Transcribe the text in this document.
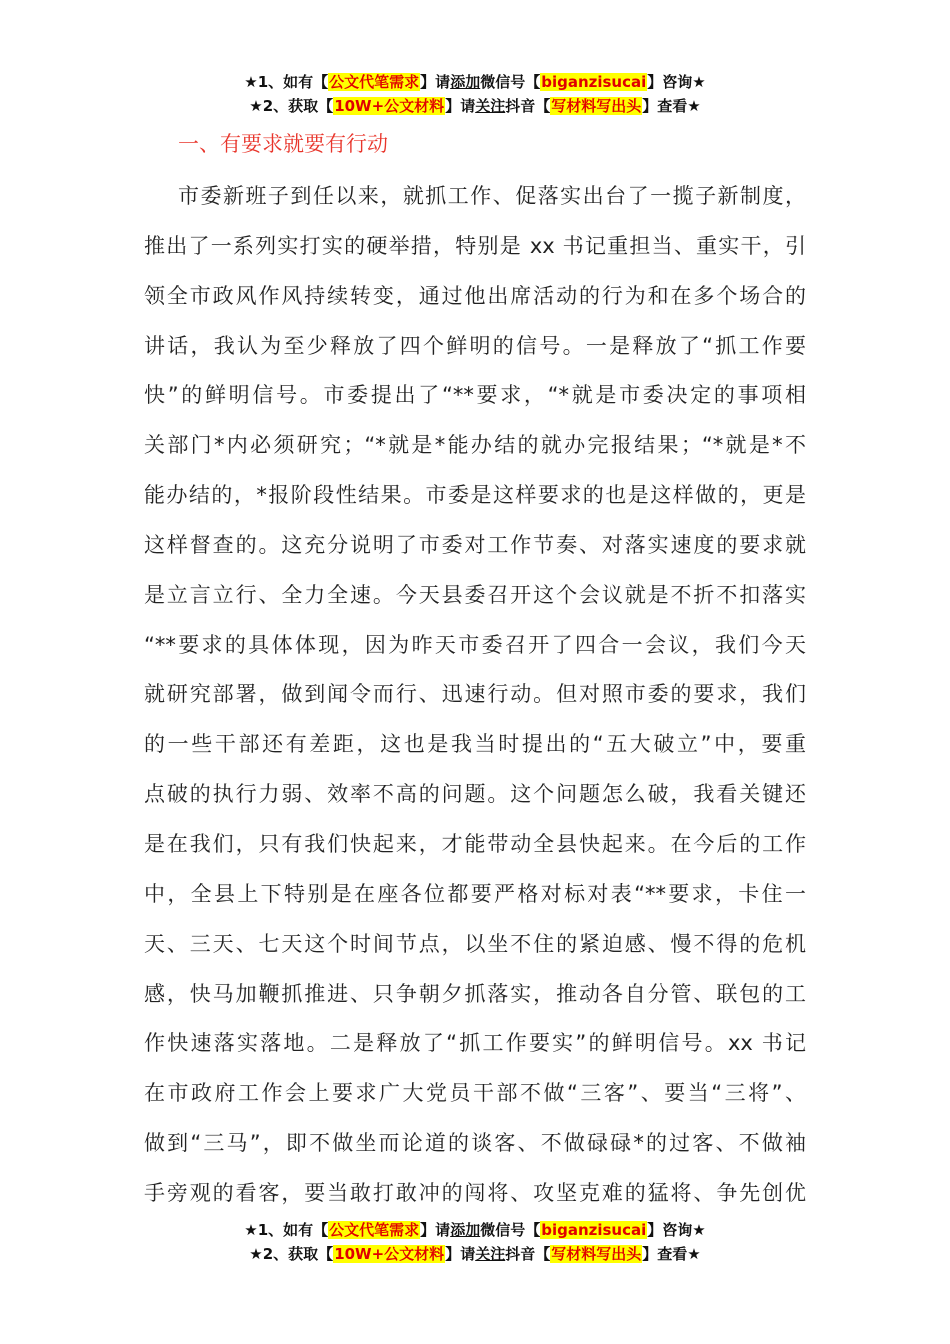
★1、如有【公文代笔需求】请添加微信号【biganzisucai】咨询★
★2、获取【10W+公文材料】请关注抖音【写材料写出头】查看★
一、有要求就要有行动
市委新班子到任以来，就抓工作、促落实出台了一揽子新制度，
推出了一系列实打实的硬举措，特别是 xx 书记重担当、重实干，引
领全市政风作风持续转变，通过他出席活动的行为和在多个场合的
讲话，我认为至少释放了四个鲜明的信号。一是释放了“抓工作要
快”的鲜明信号。市委提出了“**要求，“*就是市委决定的事项相
关部门*内必须研究；“*就是*能办结的就办完报结果；“*就是*不
能办结的，*报阶段性结果。市委是这样要求的也是这样做的，更是
这样督查的。这充分说明了市委对工作节奏、对落实速度的要求就
是立言立行、全力全速。今天县委召开这个会议就是不折不扣落实
“**要求的具体体现，因为昨天市委召开了四合一会议，我们今天
就研究部署，做到闻令而行、迅速行动。但对照市委的要求，我们
的一些干部还有差距，这也是我当时提出的“五大破立”中，要重
点破的执行力弱、效率不高的问题。这个问题怎么破，我看关键还
是在我们，只有我们快起来，才能带动全县快起来。在今后的工作
中，全县上下特别是在座各位都要严格对标对表“**要求，卡住一
天、三天、七天这个时间节点，以坐不住的紧迫感、慢不得的危机
感，快马加鞭抓推进、只争朝夕抓落实，推动各自分管、联包的工
作快速落实落地。二是释放了“抓工作要实”的鲜明信号。xx 书记
在市政府工作会上要求广大党员干部不做“三客”、要当“三将”、
做到“三马”，即不做坐而论道的谈客、不做碌碌*的过客、不做袖
手旁观的看客，要当敢打敢冲的闯将、攻坚克难的猛将、争先创优
★1、如有【公文代笔需求】请添加微信号【biganzisucai】咨询★
★2、获取【10W+公文材料】请关注抖音【写材料写出头】查看★
